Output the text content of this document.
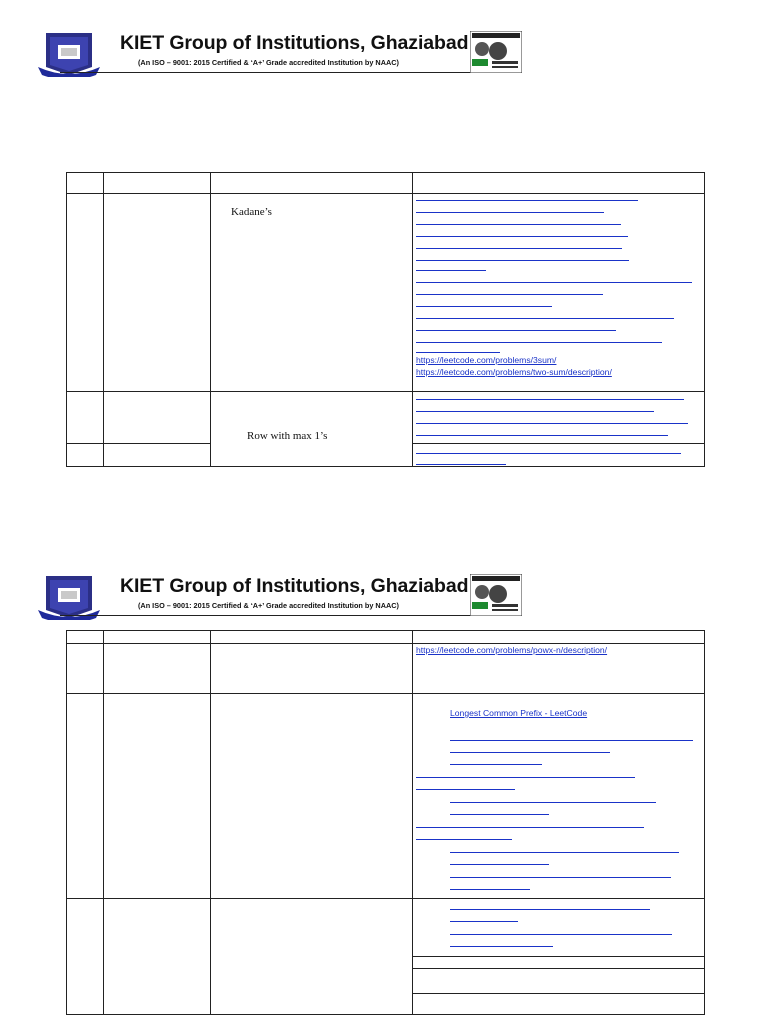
KIET Group of Institutions, Ghaziabad
(An ISO – 9001: 2015 Certified & ‘A+’ Grade accredited Institution by NAAC)

		Kadane’s	https://leetcode.com/problems/3sum/
https://leetcode.com/problems/two-sum/description/

		Row with max 1’s	

KIET Group of Institutions, Ghaziabad
(An ISO – 9001: 2015 Certified & ‘A+’ Grade accredited Institution by NAAC)

			https://leetcode.com/problems/powx-n/description/

			Longest Common Prefix - LeetCode
